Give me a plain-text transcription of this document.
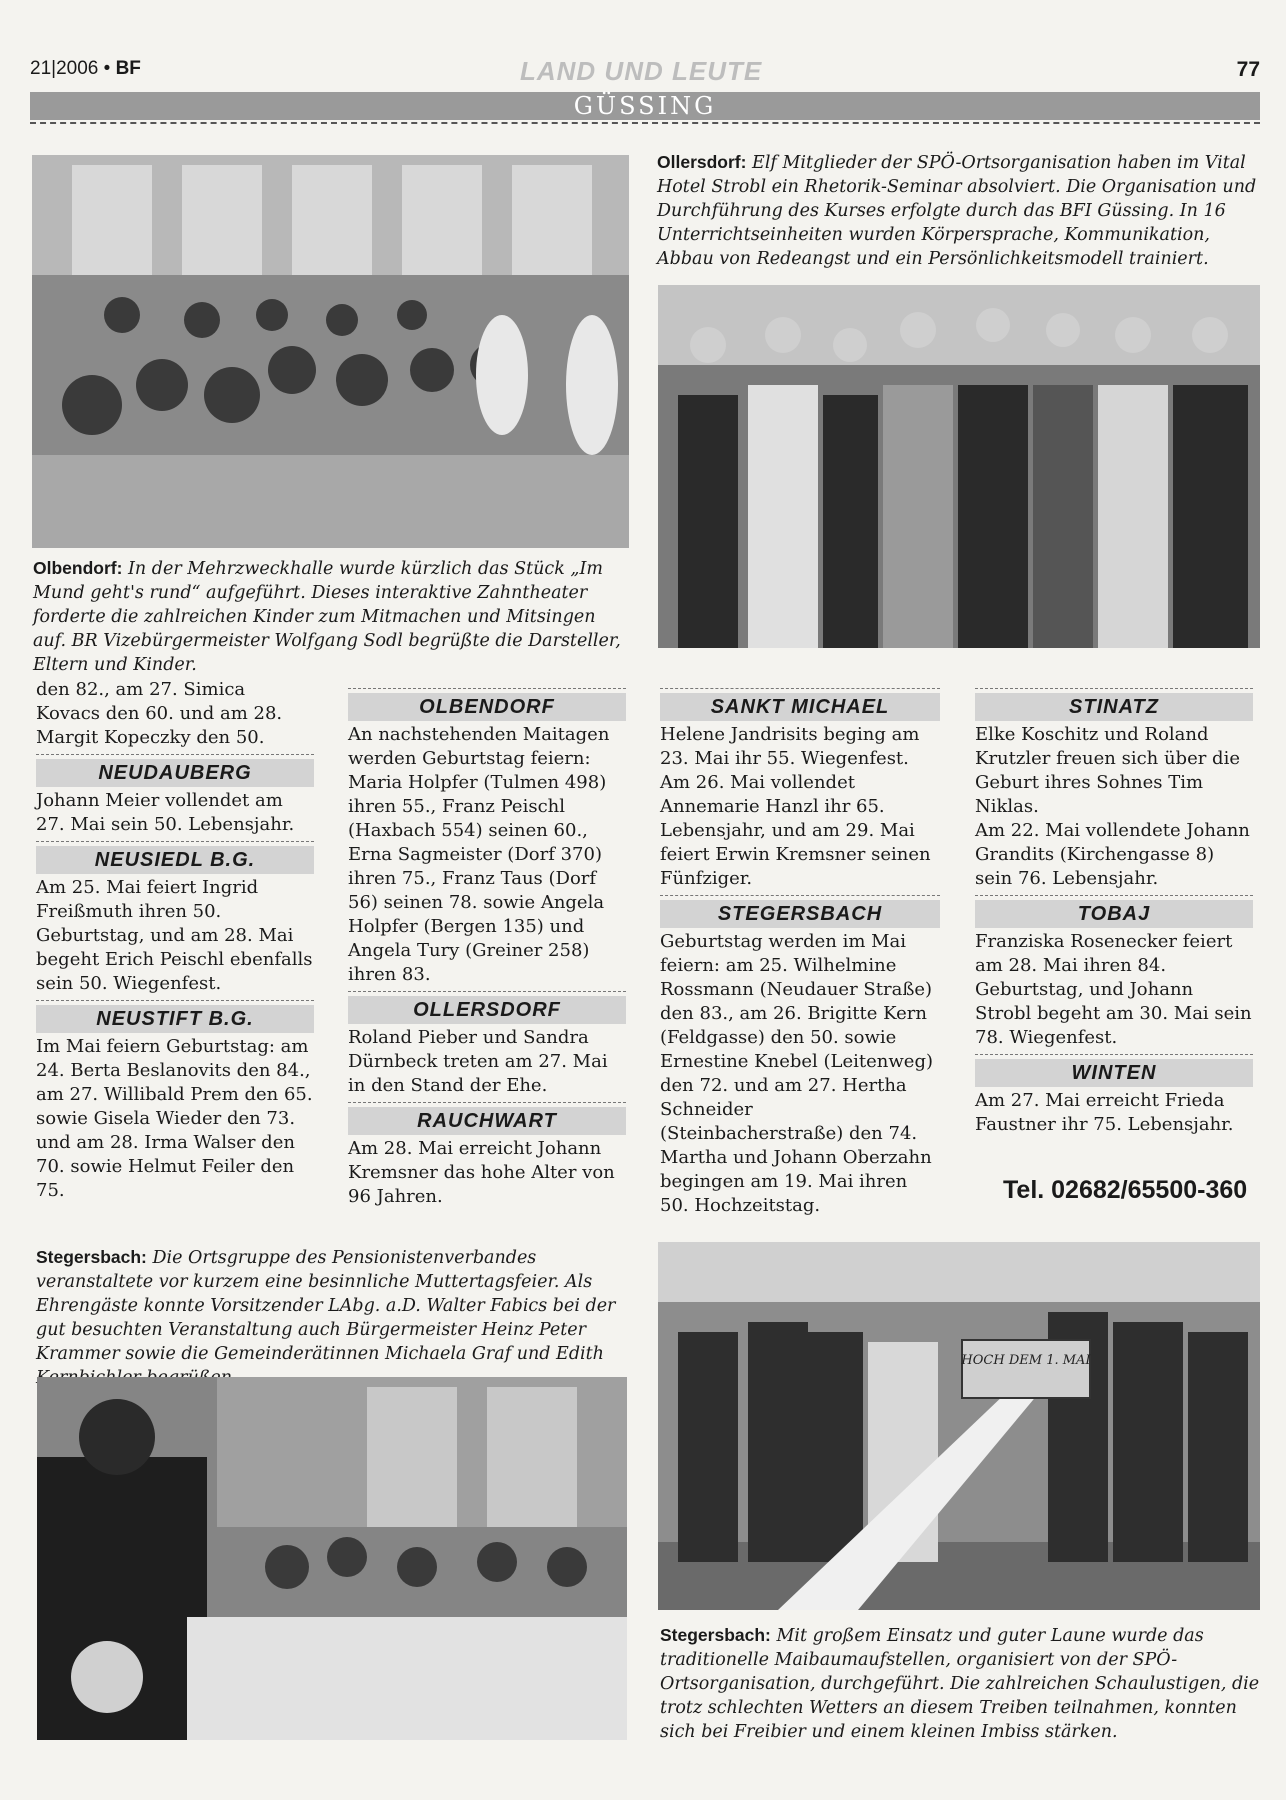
21|2006 • BF	LAND UND LEUTE	77
GÜSSING
Ollersdorf: Elf Mitglieder der SPÖ-Ortsorganisation haben im Vital Hotel Strobl ein Rhetorik-Seminar absolviert. Die Organisation und Durchführung des Kurses erfolgte durch das BFI Güssing. In 16 Unterrichtseinheiten wurden Körpersprache, Kommunikation, Abbau von Redeangst und ein Persönlichkeitsmodell trainiert.
Olbendorf: In der Mehrzweckhalle wurde kürzlich das Stück „Im Mund geht's rund“ aufgeführt. Dieses interaktive Zahntheater forderte die zahlreichen Kinder zum Mitmachen und Mitsingen auf. BR Vizebürgermeister Wolfgang Sodl begrüßte die Darsteller, Eltern und Kinder.

den 82., am 27. Simica Kovacs den 60. und am 28. Margit Kopeczky den 50.

NEUDAUBERG

Johann Meier vollendet am 27. Mai sein 50. Lebensjahr.

NEUSIEDL B.G.

Am 25. Mai feiert Ingrid Freißmuth ihren 50. Geburtstag, und am 28. Mai begeht Erich Peischl ebenfalls sein 50. Wiegenfest.

NEUSTIFT B.G.

Im Mai feiern Geburtstag: am 24. Berta Beslanovits den 84., am 27. Willibald Prem den 65. sowie Gisela Wieder den 73. und am 28. Irma Walser den 70. sowie Helmut Feiler den 75.

OLBENDORF

An nachstehenden Maitagen werden Geburtstag feiern: Maria Holpfer (Tulmen 498) ihren 55., Franz Peischl (Haxbach 554) seinen 60., Erna Sagmeister (Dorf 370) ihren 75., Franz Taus (Dorf 56) seinen 78. sowie Angela Holpfer (Bergen 135) und Angela Tury (Greiner 258) ihren 83.

OLLERSDORF

Roland Pieber und Sandra Dürnbeck treten am 27. Mai in den Stand der Ehe.

RAUCHWART

Am 28. Mai erreicht Johann Kremsner das hohe Alter von 96 Jahren.

SANKT MICHAEL

Helene Jandrisits beging am 23. Mai ihr 55. Wiegenfest. Am 26. Mai vollendet Annemarie Hanzl ihr 65. Lebensjahr, und am 29. Mai feiert Erwin Kremsner seinen Fünfziger.

STEGERSBACH

Geburtstag werden im Mai feiern: am 25. Wilhelmine Rossmann (Neudauer Straße) den 83., am 26. Brigitte Kern (Feldgasse) den 50. sowie Ernestine Knebel (Leitenweg) den 72. und am 27. Hertha Schneider (Steinbacherstraße) den 74.

Martha und Johann Oberzahn begingen am 19. Mai ihren 50. Hochzeitstag.

STINATZ

Elke Koschitz und Roland Krutzler freuen sich über die Geburt ihres Sohnes Tim Niklas.

Am 22. Mai vollendete Johann Grandits (Kirchengasse 8) sein 76. Lebensjahr.

TOBAJ

Franziska Rosenecker feiert am 28. Mai ihren 84. Geburtstag, und Johann Strobl begeht am 30. Mai sein 78. Wiegenfest.

WINTEN

Am 27. Mai erreicht Frieda Faustner ihr 75. Lebensjahr.

Tel. 02682/65500-360
Stegersbach: Die Ortsgruppe des Pensionistenverbandes veranstaltete vor kurzem eine besinnliche Muttertagsfeier. Als Ehrengäste konnte Vorsitzender LAbg. a.D. Walter Fabics bei der gut besuchten Veranstaltung auch Bürgermeister Heinz Peter Krammer sowie die Gemeinderätinnen Michaela Graf und Edith	HOCH DEM 1. MAI
Stegersbach: Mit großem Einsatz und guter Laune wurde das traditionelle Maibaumaufstellen, organisiert von der SPÖ-Ortsorganisation, durchgeführt. Die zahlreichen Schaulustigen, die trotz schlechten Wetters an diesem Treiben teilnahmen, konnten sich bei Freibier und einem kleinen Imbiss stärken.
